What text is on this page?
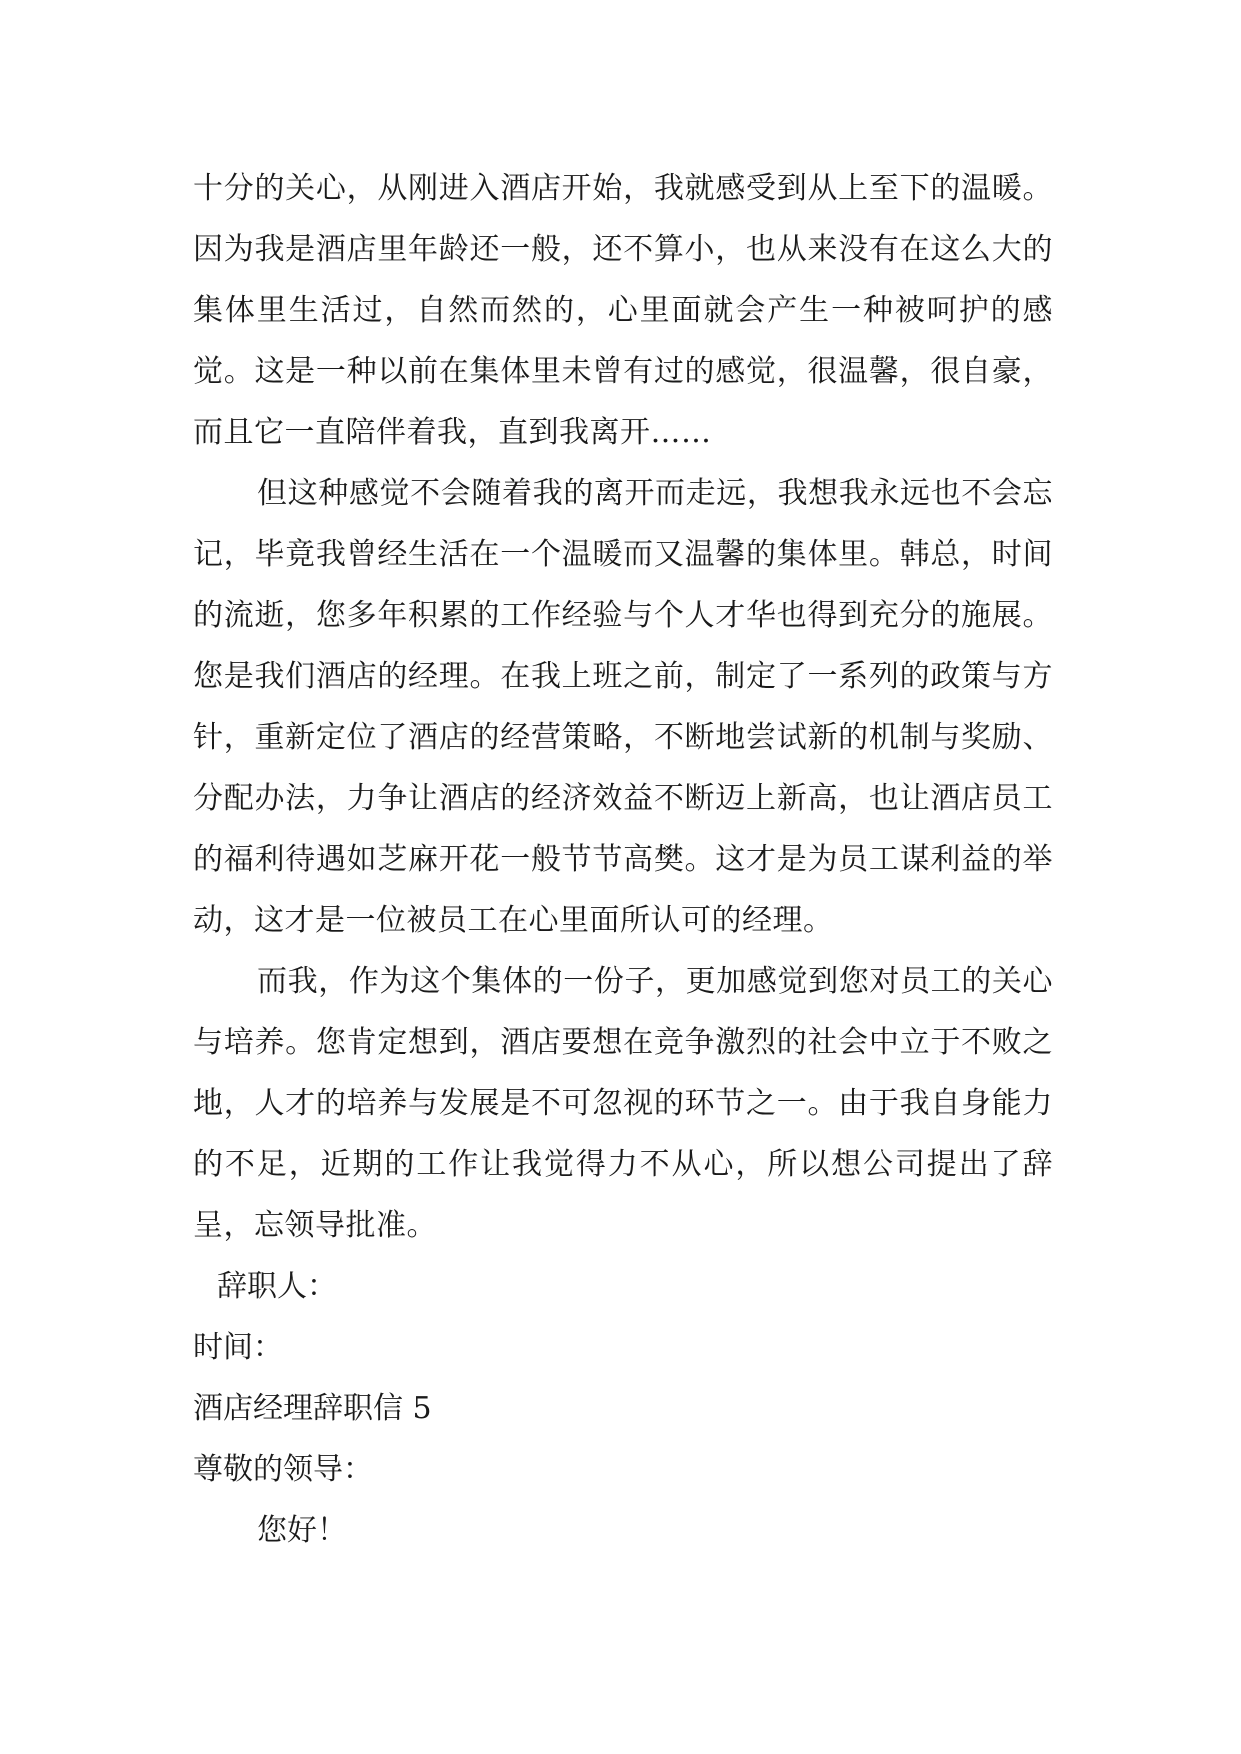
十分的关心，从刚进入酒店开始，我就感受到从上至下的温暖。因为我是酒店里年龄还一般，还不算小，也从来没有在这么大的集体里生活过，自然而然的，心里面就会产生一种被呵护的感觉。这是一种以前在集体里未曾有过的感觉，很温馨，很自豪，而且它一直陪伴着我，直到我离开……

但这种感觉不会随着我的离开而走远，我想我永远也不会忘记，毕竟我曾经生活在一个温暖而又温馨的集体里。韩总，时间的流逝，您多年积累的工作经验与个人才华也得到充分的施展。您是我们酒店的经理。在我上班之前，制定了一系列的政策与方针，重新定位了酒店的经营策略，不断地尝试新的机制与奖励、分配办法，力争让酒店的经济效益不断迈上新高，也让酒店员工的福利待遇如芝麻开花一般节节高樊。这才是为员工谋利益的举动，这才是一位被员工在心里面所认可的经理。

而我，作为这个集体的一份子，更加感觉到您对员工的关心与培养。您肯定想到，酒店要想在竞争激烈的社会中立于不败之地，人才的培养与发展是不可忽视的环节之一。由于我自身能力的不足，近期的工作让我觉得力不从心，所以想公司提出了辞呈，忘领导批准。

辞职人：

时间：

酒店经理辞职信 5

尊敬的领导：

您好！
